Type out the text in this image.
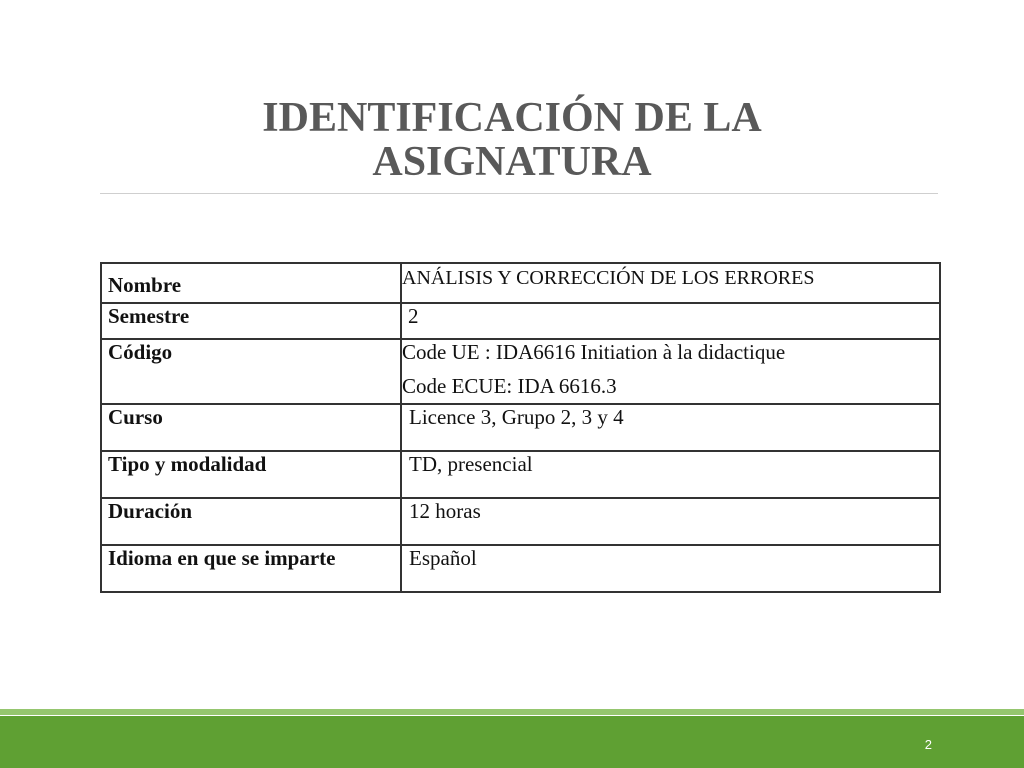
IDENTIFICACIÓN DE LA
ASIGNATURA
Nombre	ANÁLISIS Y CORRECCIÓN DE LOS ERRORES
Semestre	2
Código	Code UE : IDA6616 Initiation à la didactique
Code ECUE: IDA 6616.3

Curso	Licence 3, Grupo 2, 3 y 4
Tipo y modalidad	TD, presencial
Duración	12 horas
Idioma en que se imparte	Español
2
